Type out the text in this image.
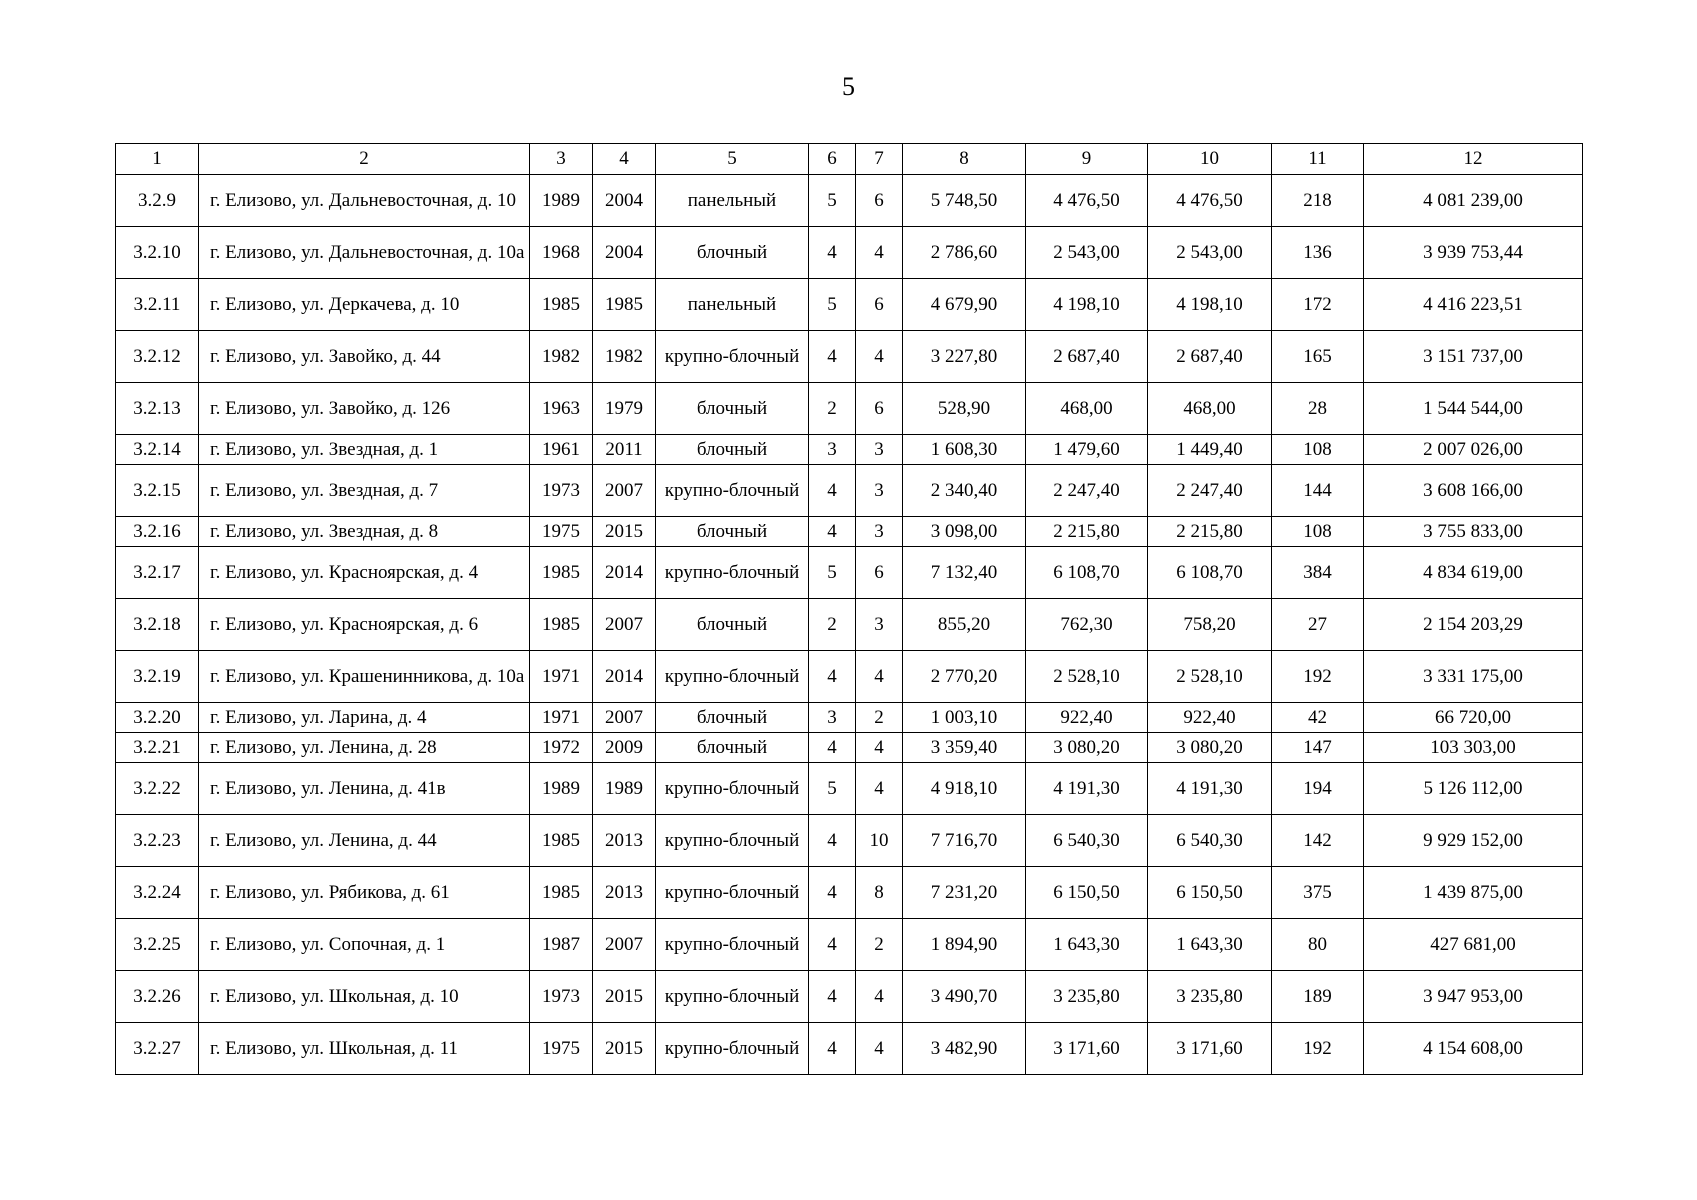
5
1	2	3	4	5	6	7	8	9	10	11	12
3.2.9	г. Елизово, ул. Дальневосточная, д. 10	1989	2004	панельный	5	6	5 748,50	4 476,50	4 476,50	218	4 081 239,00
3.2.10	г. Елизово, ул. Дальневосточная, д. 10а	1968	2004	блочный	4	4	2 786,60	2 543,00	2 543,00	136	3 939 753,44
3.2.11	г. Елизово, ул. Деркачева, д. 10	1985	1985	панельный	5	6	4 679,90	4 198,10	4 198,10	172	4 416 223,51
3.2.12	г. Елизово, ул. Завойко, д. 44	1982	1982	крупно-блочный	4	4	3 227,80	2 687,40	2 687,40	165	3 151 737,00
3.2.13	г. Елизово, ул. Завойко, д. 126	1963	1979	блочный	2	6	528,90	468,00	468,00	28	1 544 544,00
3.2.14	г. Елизово, ул. Звездная, д. 1	1961	2011	блочный	3	3	1 608,30	1 479,60	1 449,40	108	2 007 026,00
3.2.15	г. Елизово, ул. Звездная, д. 7	1973	2007	крупно-блочный	4	3	2 340,40	2 247,40	2 247,40	144	3 608 166,00
3.2.16	г. Елизово, ул. Звездная, д. 8	1975	2015	блочный	4	3	3 098,00	2 215,80	2 215,80	108	3 755 833,00
3.2.17	г. Елизово, ул. Красноярская, д. 4	1985	2014	крупно-блочный	5	6	7 132,40	6 108,70	6 108,70	384	4 834 619,00
3.2.18	г. Елизово, ул. Красноярская, д. 6	1985	2007	блочный	2	3	855,20	762,30	758,20	27	2 154 203,29
3.2.19	г. Елизово, ул. Крашенинникова, д. 10а	1971	2014	крупно-блочный	4	4	2 770,20	2 528,10	2 528,10	192	3 331 175,00
3.2.20	г. Елизово, ул. Ларина, д. 4	1971	2007	блочный	3	2	1 003,10	922,40	922,40	42	66 720,00
3.2.21	г. Елизово, ул. Ленина, д. 28	1972	2009	блочный	4	4	3 359,40	3 080,20	3 080,20	147	103 303,00
3.2.22	г. Елизово, ул. Ленина, д. 41в	1989	1989	крупно-блочный	5	4	4 918,10	4 191,30	4 191,30	194	5 126 112,00
3.2.23	г. Елизово, ул. Ленина, д. 44	1985	2013	крупно-блочный	4	10	7 716,70	6 540,30	6 540,30	142	9 929 152,00
3.2.24	г. Елизово, ул. Рябикова, д. 61	1985	2013	крупно-блочный	4	8	7 231,20	6 150,50	6 150,50	375	1 439 875,00
3.2.25	г. Елизово, ул. Сопочная, д. 1	1987	2007	крупно-блочный	4	2	1 894,90	1 643,30	1 643,30	80	427 681,00
3.2.26	г. Елизово, ул. Школьная, д. 10	1973	2015	крупно-блочный	4	4	3 490,70	3 235,80	3 235,80	189	3 947 953,00
3.2.27	г. Елизово, ул. Школьная, д. 11	1975	2015	крупно-блочный	4	4	3 482,90	3 171,60	3 171,60	192	4 154 608,00
